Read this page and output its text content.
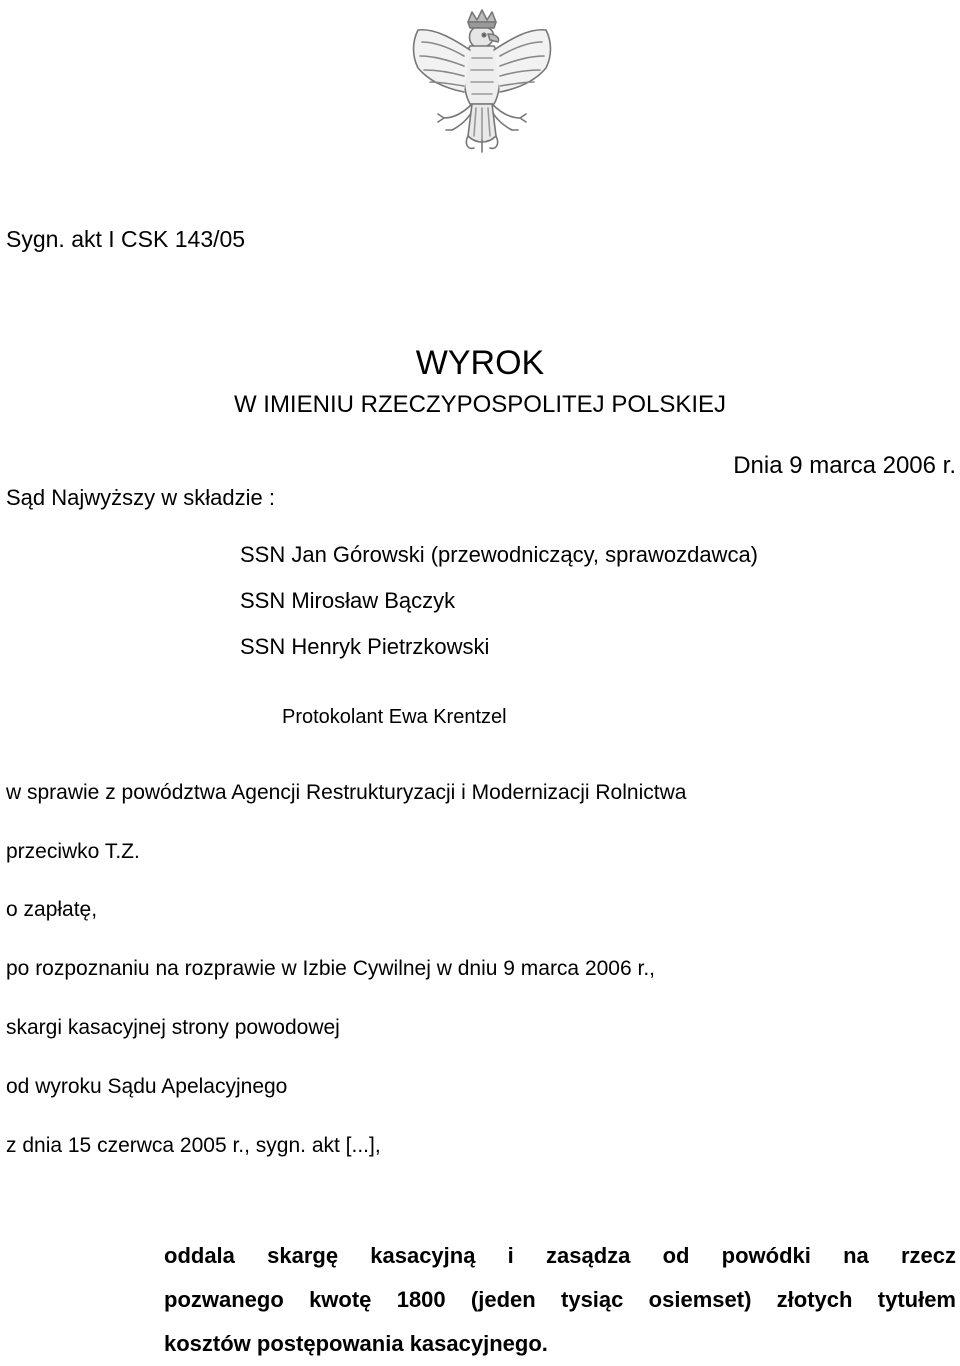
Sygn. akt I CSK 143/05
WYROK
W IMIENIU RZECZYPOSPOLITEJ POLSKIEJ
Dnia 9 marca 2006 r.
Sąd Najwyższy w składzie :
SSN Jan Górowski (przewodniczący, sprawozdawca)
SSN Mirosław Bączyk
SSN Henryk Pietrzkowski
Protokolant Ewa Krentzel
w sprawie z powództwa Agencji Restrukturyzacji i Modernizacji Rolnictwa
przeciwko T.Z.
o zapłatę,
po rozpoznaniu na rozprawie w Izbie Cywilnej w dniu 9 marca 2006 r.,
skargi kasacyjnej strony powodowej
od wyroku Sądu Apelacyjnego
z dnia 15 czerwca 2005 r., sygn. akt [...],
oddala skargę kasacyjną i zasądza od powódki na rzecz
pozwanego kwotę 1800 (jeden tysiąc osiemset) złotych tytułem
kosztów postępowania kasacyjnego.
